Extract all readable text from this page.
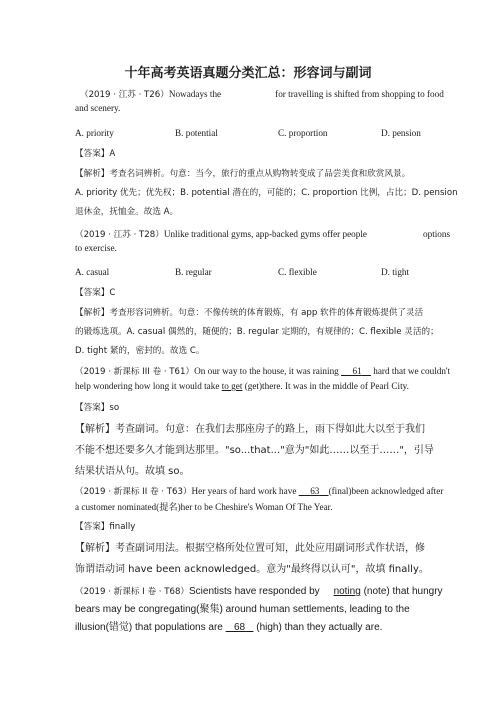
十年高考英语真题分类汇总：形容词与副词
（2019 · 江苏 · T26）Nowadays the	for travelling is shifted from shopping to food
and scenery.
A. priority	B. potential	C. proportion	D. pension
【答案】A
【解析】考查名词辨析。句意：当今，旅行的重点从购物转变成了品尝美食和欣赏风景。
A. priority 优先；优先权；B. potential 潜在的，可能的；C. proportion 比例，占比；D. pension
退休金，抚恤金。故选 A。
（2019 · 江苏 · T28）Unlike traditional gyms, app-backed gyms offer people	options
to exercise.
A. casual	B. regular	C. flexible	D. tight
【答案】C
【解析】考查形容词辨析。句意：不像传统的体育锻炼，有 app 软件的体育锻炼提供了灵活
的锻炼选项。A. casual 偶然的，随便的；B. regular 定期的，有规律的；C. flexible 灵活的；
D. tight 紧的，密封的。故选 C。
（2019 · 新课标 III 卷 · T61）On our way to the house, it was raining 61 hard that we couldn't
help wondering how long it would take to get (get)there. It was in the middle of Pearl City.
【答案】so
【解析】考查副词。句意：在我们去那座房子的路上，雨下得如此大以至于我们
不能不想还要多久才能到达那里。"so...that..."意为"如此……以至于……"，引导
结果状语从句。故填 so。
（2019 · 新课标 II 卷 · T63）Her years of hard work have 63 (final)been acknowledged after
a customer nominated(提名)her to be Cheshire's Woman Of The Year.
【答案】finally
【解析】考查副词用法。根据空格所处位置可知，此处应用副词形式作状语，修
饰谓语动词 have been acknowledged。意为"最终得以认可"，故填 finally。
（2019 · 新课标 I 卷 · T68）Scientists have responded by noting (note) that hungry
bears may be congregating(聚集) around human settlements, leading to the
illusion(错觉) that populations are 68 (high) than they actually are.
